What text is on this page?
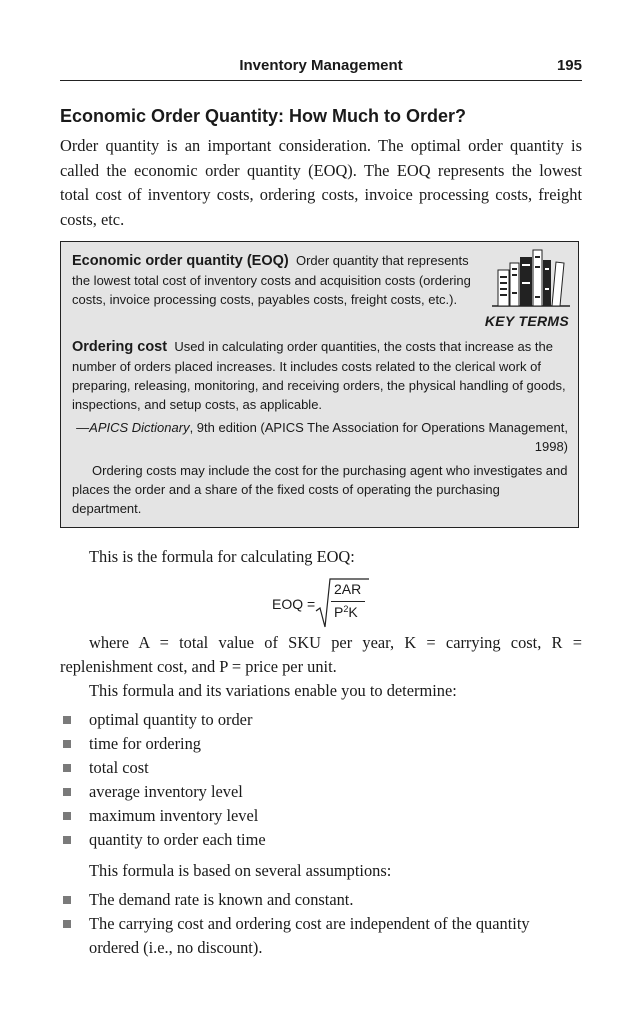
Inventory Management	195
Economic Order Quantity: How Much to Order?

Order quantity is an important consideration. The optimal order quantity is called the economic order quantity (EOQ). The EOQ represents the lowest total cost of inventory costs, ordering costs, invoice processing costs, freight costs, etc.

Economic order quantity (EOQ) Order quantity that represents the lowest total cost of inventory costs and acquisition costs (ordering costs, invoice processing costs, payables costs, freight costs, etc.).

KEY TERMS

Ordering cost Used in calculating order quantities, the costs that increase as the number of orders placed increases. It includes costs related to the clerical work of preparing, releasing, monitoring, and receiving orders, the physical handling of goods, inspections, and setup costs, as applicable.

—APICS Dictionary, 9th edition (APICS The Association for Operations Management, 1998)

Ordering costs may include the cost for the purchasing agent who investigates and places the order and a share of the fixed costs of operating the purchasing department.

This is the formula for calculating EOQ:

EOQ =
2AR
$P^2K$

where A = total value of SKU per year, K = carrying cost, R = replenishment cost, and P = price per unit.

This formula and its variations enable you to determine:

optimal quantity to order
time for ordering
total cost
average inventory level
maximum inventory level
quantity to order each time

This formula is based on several assumptions:

The demand rate is known and constant.
The carrying cost and ordering cost are independent of the quantity ordered (i.e., no discount).
